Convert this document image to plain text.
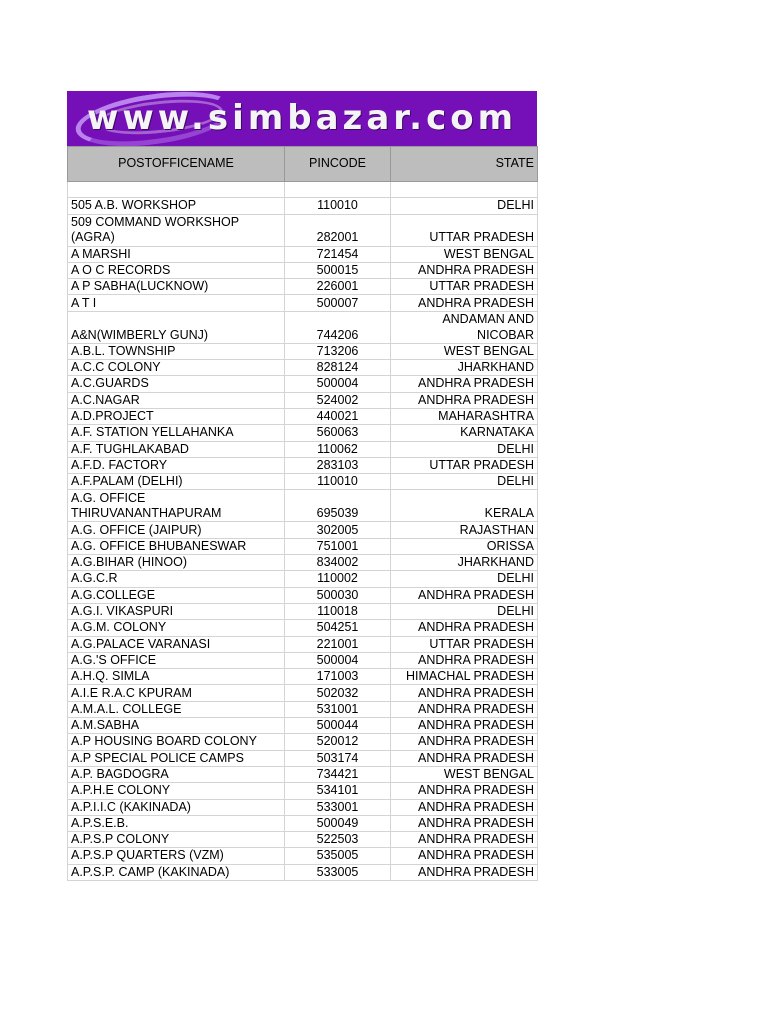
www.simbazar.com
POSTOFFICENAME	PINCODE	STATE

505 A.B. WORKSHOP	110010	DELHI
509 COMMAND WORKSHOP (AGRA)	282001	UTTAR PRADESH
A MARSHI	721454	WEST BENGAL
A O C RECORDS	500015	ANDHRA PRADESH
A P SABHA(LUCKNOW)	226001	UTTAR PRADESH
A T I	500007	ANDHRA PRADESH
A&N(WIMBERLY GUNJ)	744206	ANDAMAN AND NICOBAR
A.B.L. TOWNSHIP	713206	WEST BENGAL
A.C.C COLONY	828124	JHARKHAND
A.C.GUARDS	500004	ANDHRA PRADESH
A.C.NAGAR	524002	ANDHRA PRADESH
A.D.PROJECT	440021	MAHARASHTRA
A.F. STATION YELLAHANKA	560063	KARNATAKA
A.F. TUGHLAKABAD	110062	DELHI
A.F.D. FACTORY	283103	UTTAR PRADESH
A.F.PALAM (DELHI)	110010	DELHI
A.G. OFFICE THIRUVANANTHAPURAM	695039	KERALA
A.G. OFFICE (JAIPUR)	302005	RAJASTHAN
A.G. OFFICE BHUBANESWAR	751001	ORISSA
A.G.BIHAR (HINOO)	834002	JHARKHAND
A.G.C.R	110002	DELHI
A.G.COLLEGE	500030	ANDHRA PRADESH
A.G.I. VIKASPURI	110018	DELHI
A.G.M. COLONY	504251	ANDHRA PRADESH
A.G.PALACE VARANASI	221001	UTTAR PRADESH
A.G.'S OFFICE	500004	ANDHRA PRADESH
A.H.Q. SIMLA	171003	HIMACHAL PRADESH
A.I.E R.A.C KPURAM	502032	ANDHRA PRADESH
A.M.A.L. COLLEGE	531001	ANDHRA PRADESH
A.M.SABHA	500044	ANDHRA PRADESH
A.P HOUSING BOARD COLONY	520012	ANDHRA PRADESH
A.P SPECIAL POLICE CAMPS	503174	ANDHRA PRADESH
A.P. BAGDOGRA	734421	WEST BENGAL
A.P.H.E COLONY	534101	ANDHRA PRADESH
A.P.I.I.C (KAKINADA)	533001	ANDHRA PRADESH
A.P.S.E.B.	500049	ANDHRA PRADESH
A.P.S.P COLONY	522503	ANDHRA PRADESH
A.P.S.P QUARTERS (VZM)	535005	ANDHRA PRADESH
A.P.S.P. CAMP (KAKINADA)	533005	ANDHRA PRADESH
